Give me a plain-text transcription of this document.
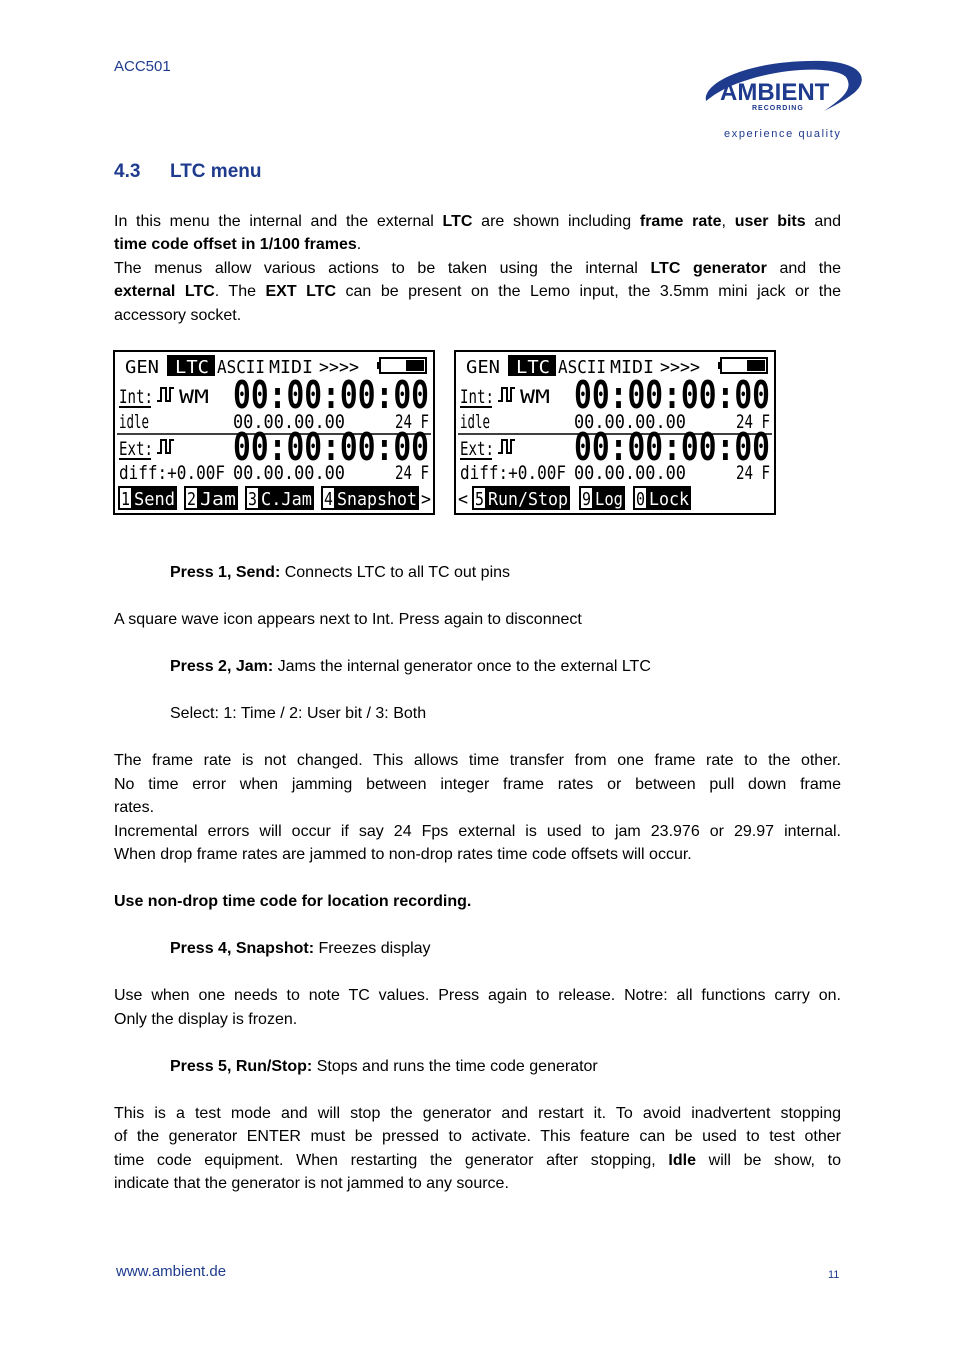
ACC501
AMBIENT
RECORDING
experience quality
4.3 LTC menu
In this menu the internal and the external LTC are shown including frame rate, user bits and
time code offset in 1/100 frames.
The menus allow various actions to be taken using the internal LTC generator and the
external LTC. The EXT LTC can be present on the Lemo input, the 3.5mm mini jack or the
accessory socket.
GEN LTC ASCII MIDI >>>>
Int: WM 00:00:00:00
idle	00.00.00.00	24 F
Ext: 00:00:00:00
diff:+0.00F 00.00.00.00	24 F
1 Send 2 Jam 3 C.Jam 4 Snapshot >
GEN LTC ASCII MIDI >>>>
Int: WM 00:00:00:00
idle	00.00.00.00	24 F
Ext: 00:00:00:00
diff:+0.00F 00.00.00.00	24 F
< 5 Run/Stop 9 Log 0 Lock
Press 1, Send: Connects LTC to all TC out pins
A square wave icon appears next to Int. Press again to disconnect
Press 2, Jam: Jams the internal generator once to the external LTC
Select: 1: Time / 2: User bit / 3: Both
The frame rate is not changed. This allows time transfer from one frame rate to the other.
No time error when jamming between integer frame rates or between pull down frame
rates.
Incremental errors will occur if say 24 Fps external is used to jam 23.976 or 29.97 internal.
When drop frame rates are jammed to non-drop rates time code offsets will occur.
Use non-drop time code for location recording.
Press 4, Snapshot: Freezes display
Use when one needs to note TC values. Press again to release. Notre: all functions carry on.
Only the display is frozen.
Press 5, Run/Stop: Stops and runs the time code generator
This is a test mode and will stop the generator and restart it. To avoid inadvertent stopping
of the generator ENTER must be pressed to activate. This feature can be used to test other
time code equipment. When restarting the generator after stopping, Idle will be show, to
indicate that the generator is not jammed to any source.
www.ambient.de	11
